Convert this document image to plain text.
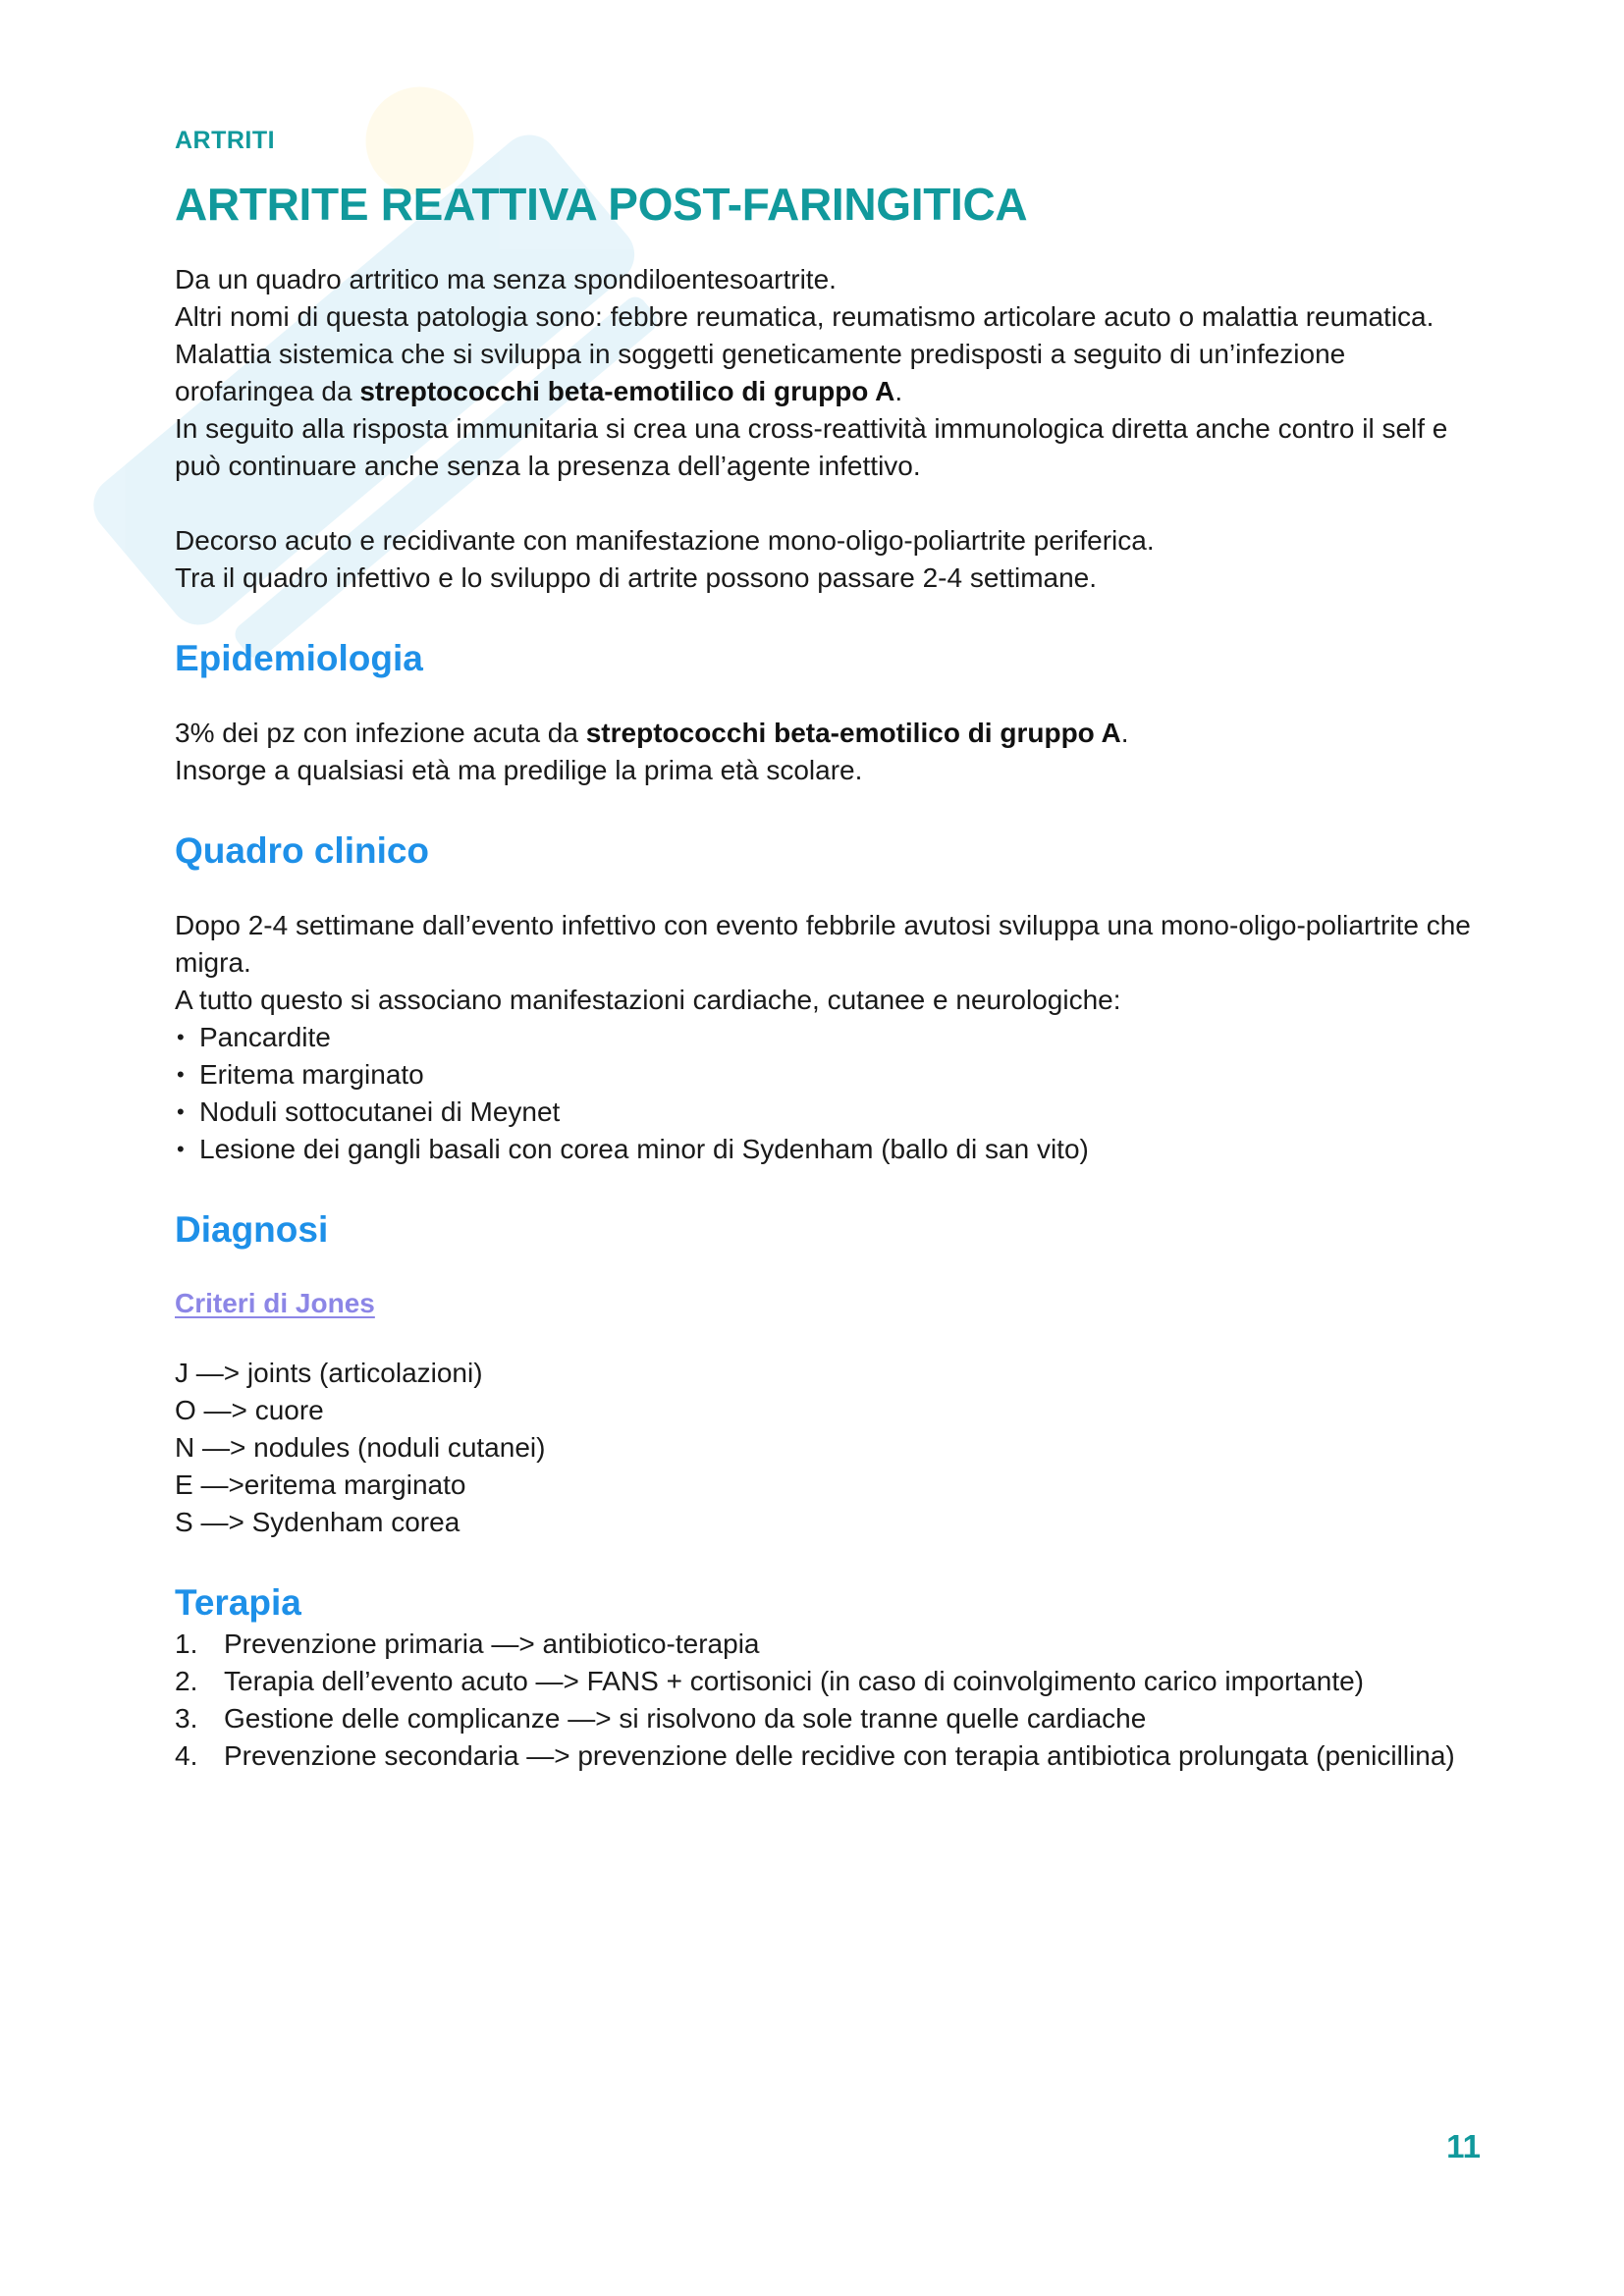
ARTRITI

ARTRITE REATTIVA POST-FARINGITICA

Da un quadro artritico ma senza spondiloentesoartrite.

Altri nomi di questa patologia sono: febbre reumatica, reumatismo articolare acuto o malattia reumatica.

Malattia sistemica che si sviluppa in soggetti geneticamente predisposti a seguito di un’infezione orofaringea da streptococchi beta-emotilico di gruppo A.

In seguito alla risposta immunitaria si crea una cross-reattività immunologica diretta anche contro il self e può continuare anche senza la presenza dell’agente infettivo.

Decorso acuto e recidivante con manifestazione mono-oligo-poliartrite periferica.

Tra il quadro infettivo e lo sviluppo di artrite possono passare 2-4 settimane.

Epidemiologia

3% dei pz con infezione acuta da streptococchi beta-emotilico di gruppo A.

Insorge a qualsiasi età ma predilige la prima età scolare.

Quadro clinico

Dopo 2-4 settimane dall’evento infettivo con evento febbrile avutosi sviluppa una mono-oligo-poliartrite che migra.

A tutto questo si associano manifestazioni cardiache, cutanee e neurologiche:

• Pancardite
• Eritema marginato
• Noduli sottocutanei di Meynet
• Lesione dei gangli basali con corea minor di Sydenham (ballo di san vito)
Diagnosi
Criteri di Jones

J —> joints (articolazioni)

O —> cuore

N —> nodules (noduli cutanei)

E —>eritema marginato

S —> Sydenham corea

Terapia
1. Prevenzione primaria —> antibiotico-terapia
2. Terapia dell’evento acuto —> FANS + cortisonici (in caso di coinvolgimento carico importante)
3. Gestione delle complicanze —> si risolvono da sole tranne quelle cardiache
4. Prevenzione secondaria —> prevenzione delle recidive con terapia antibiotica prolungata (penicillina)
11
